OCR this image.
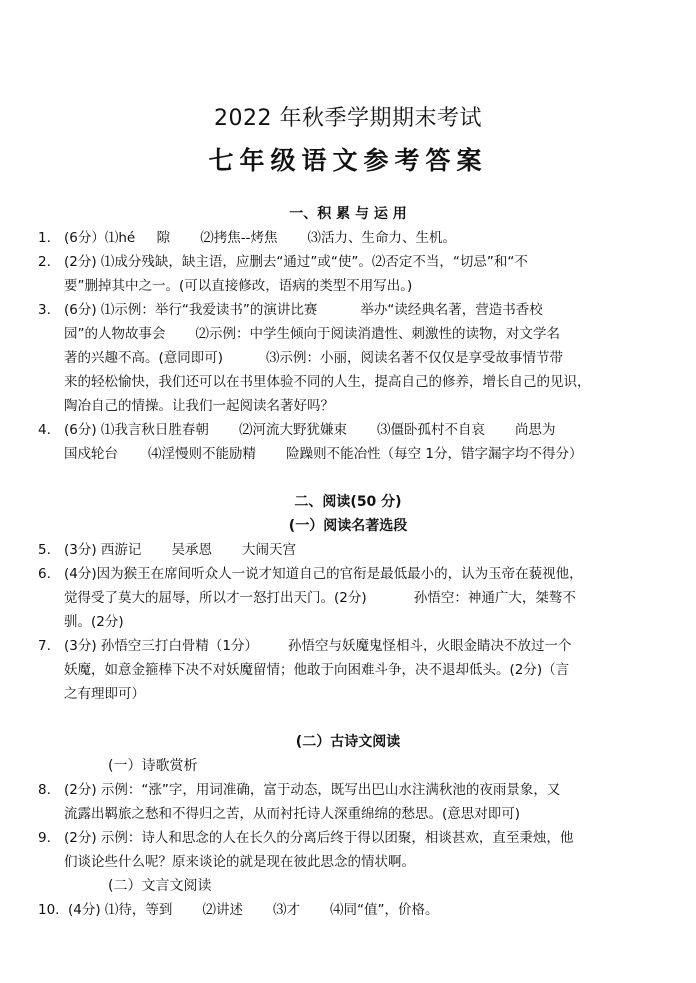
2022 年秋季学期期末考试
七年级语文参考答案
一、积 累 与 运 用
1. (6分）⑴hé     隙       ⑵拷焦--烤焦       ⑶活力、生命力、生机。
2. (2分) ⑴成分残缺，缺主语，应删去“通过”或“使”。⑵否定不当，“切忌”和“不
要”删掉其中之一。(可以直接修改，语病的类型不用写出。)
3. (6分) ⑴示例：举行“我爱读书”的演讲比赛          举办“读经典名著，营造书香校
园”的人物故事会       ⑵示例：中学生倾向于阅读消遣性、刺激性的读物，对文学名
著的兴趣不高。(意同即可)          ⑶示例：小丽，阅读名著不仅仅是享受故事情节带
来的轻松愉快，我们还可以在书里体验不同的人生，提高自己的修养，增长自己的见识，
陶冶自己的情操。让我们一起阅读名著好吗？
4. (6分) ⑴我言秋日胜春朝       ⑵河流大野犹嫌束       ⑶僵卧孤村不自哀       尚思为
国戍轮台       ⑷淫慢则不能励精       险躁则不能冶性（每空 1分，错字漏字均不得分）
二、阅读(50 分)
(一）阅读名著选段
5. (3分) 西游记       吴承恩       大闹天宫
6. (4分)因为猴王在席间听众人一说才知道自己的官衔是最低最小的，认为玉帝在藐视他，
觉得受了莫大的屈辱，所以才一怒打出天门。(2分)           孙悟空：神通广大，桀骜不
驯。(2分)
7. (3分) 孙悟空三打白骨精（1分）       孙悟空与妖魔鬼怪相斗，火眼金睛决不放过一个
妖魔，如意金箍棒下决不对妖魔留情；他敢于向困难斗争，决不退却低头。(2分)（言
之有理即可）
(二）古诗文阅读
(一）诗歌赏析
8. (2分) 示例：“涨”字，用词准确，富于动态，既写出巴山水注满秋池的夜雨景象，又
流露出羁旅之愁和不得归之苦，从而衬托诗人深重绵绵的愁思。(意思对即可)
9. (2分) 示例：诗人和思念的人在长久的分离后终于得以团聚，相谈甚欢，直至秉烛，他
们谈论些什么呢？原来谈论的就是现在彼此思念的情状啊。
(二）文言文阅读
10. (4分) ⑴待，等到       ⑵讲述       ⑶才       ⑷同“值”，价格。
